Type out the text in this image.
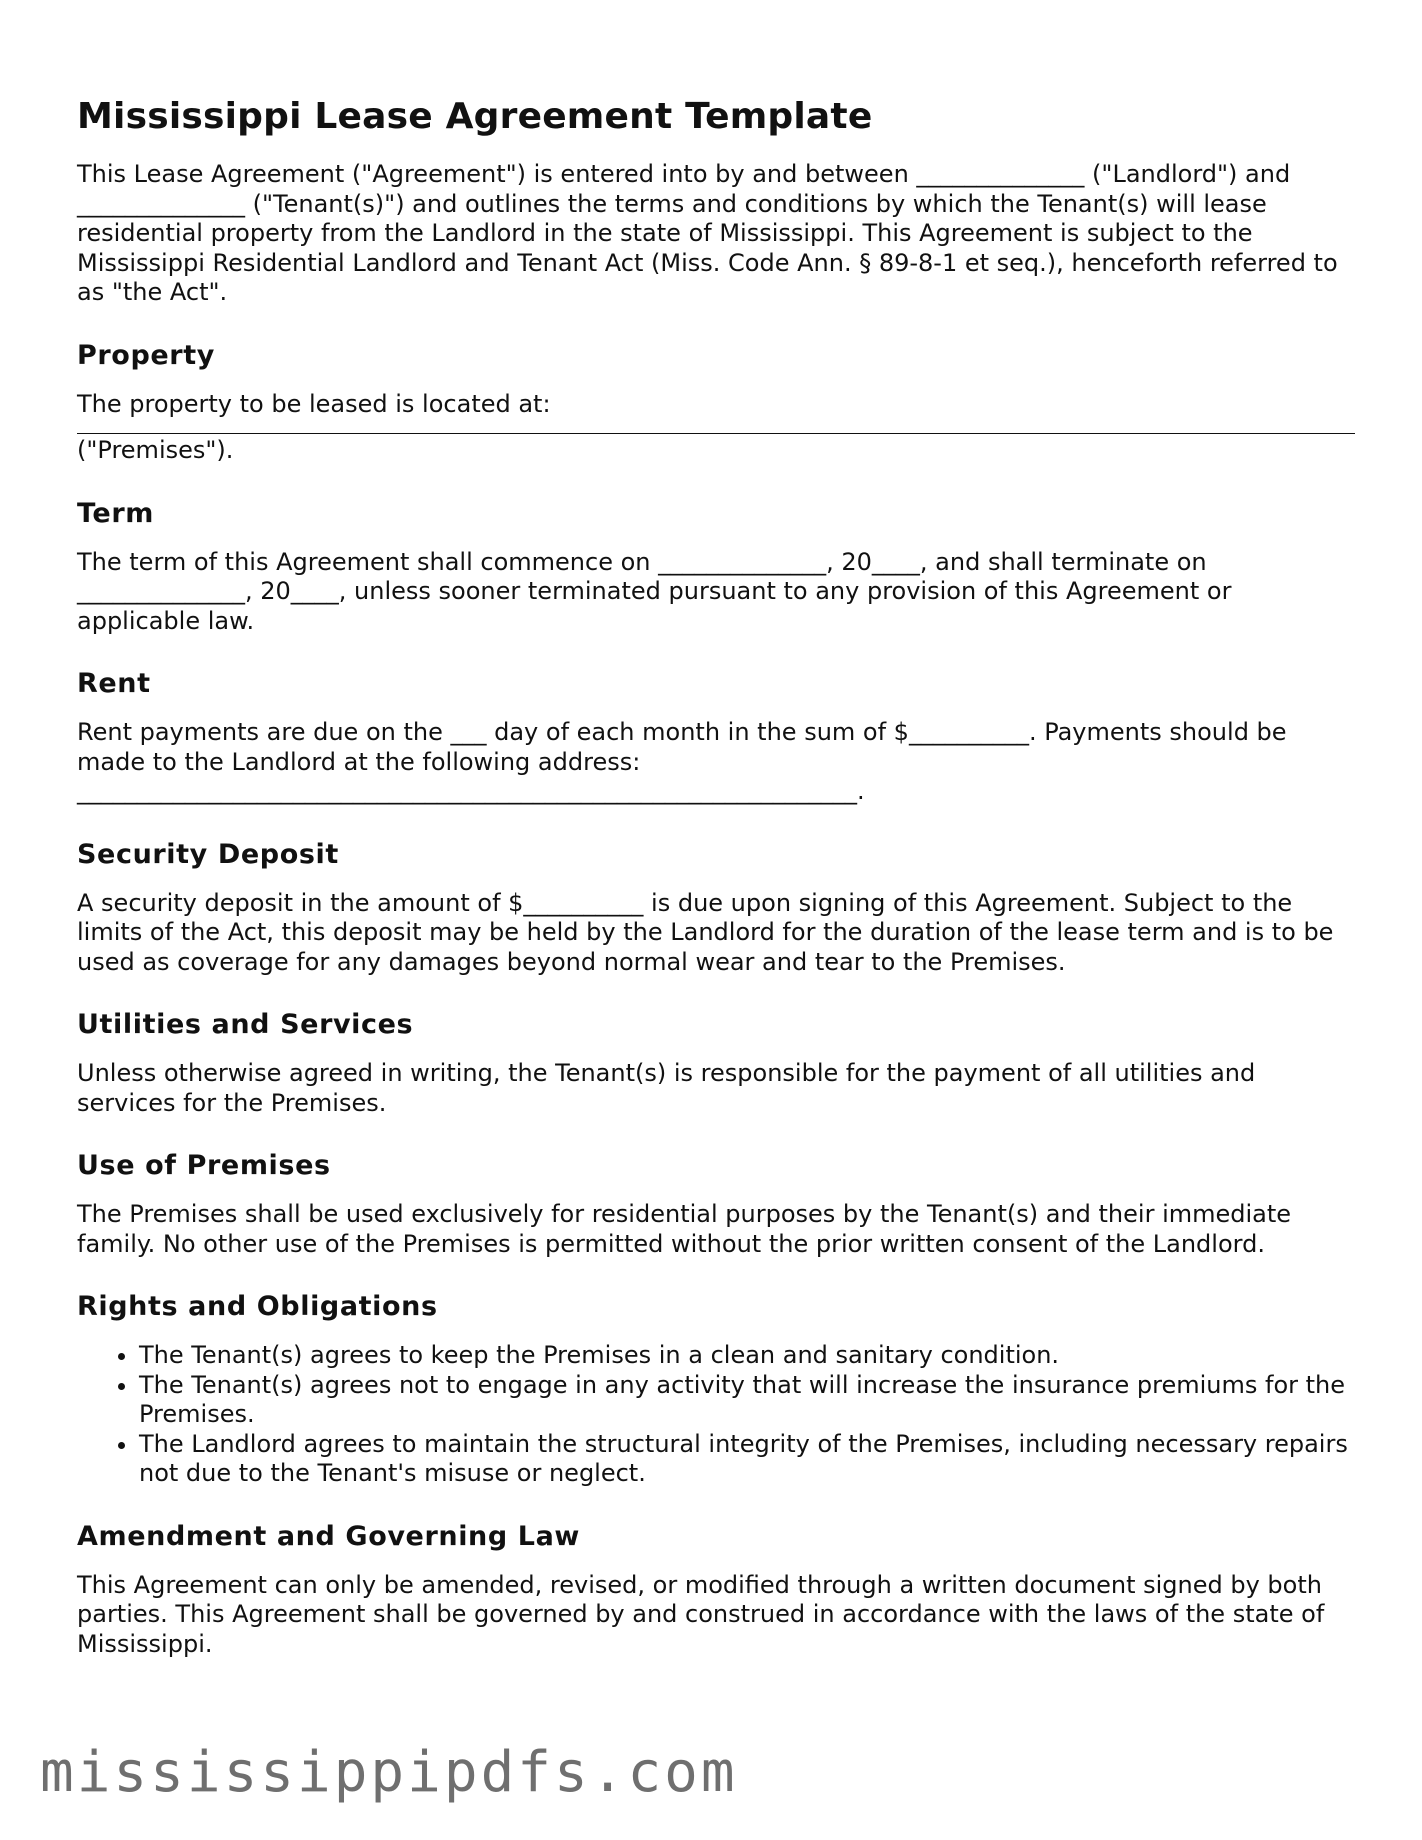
Mississippi Lease Agreement Template

This Lease Agreement ("Agreement") is entered into by and between ______________ ("Landlord") and ______________ ("Tenant(s)") and outlines the terms and conditions by which the Tenant(s) will lease residential property from the Landlord in the state of Mississippi. This Agreement is subject to the Mississippi Residential Landlord and Tenant Act (Miss. Code Ann. § 89-8-1 et seq.), henceforth referred to as "the Act".

Property

The property to be leased is located at:

("Premises").

Term

The term of this Agreement shall commence on ______________, 20____, and shall terminate on ______________, 20____, unless sooner terminated pursuant to any provision of this Agreement or applicable law.

Rent

Rent payments are due on the ___ day of each month in the sum of $__________. Payments should be made to the Landlord at the following address: _________________________________________________________________.

Security Deposit

A security deposit in the amount of $__________ is due upon signing of this Agreement. Subject to the limits of the Act, this deposit may be held by the Landlord for the duration of the lease term and is to be used as coverage for any damages beyond normal wear and tear to the Premises.

Utilities and Services

Unless otherwise agreed in writing, the Tenant(s) is responsible for the payment of all utilities and services for the Premises.

Use of Premises

The Premises shall be used exclusively for residential purposes by the Tenant(s) and their immediate family. No other use of the Premises is permitted without the prior written consent of the Landlord.

Rights and Obligations
• The Tenant(s) agrees to keep the Premises in a clean and sanitary condition.
• The Tenant(s) agrees not to engage in any activity that will increase the insurance premiums for the Premises.
• The Landlord agrees to maintain the structural integrity of the Premises, including necessary repairs not due to the Tenant's misuse or neglect.
Amendment and Governing Law

This Agreement can only be amended, revised, or modified through a written document signed by both parties. This Agreement shall be governed by and construed in accordance with the laws of the state of Mississippi.

mississippipdfs.com
